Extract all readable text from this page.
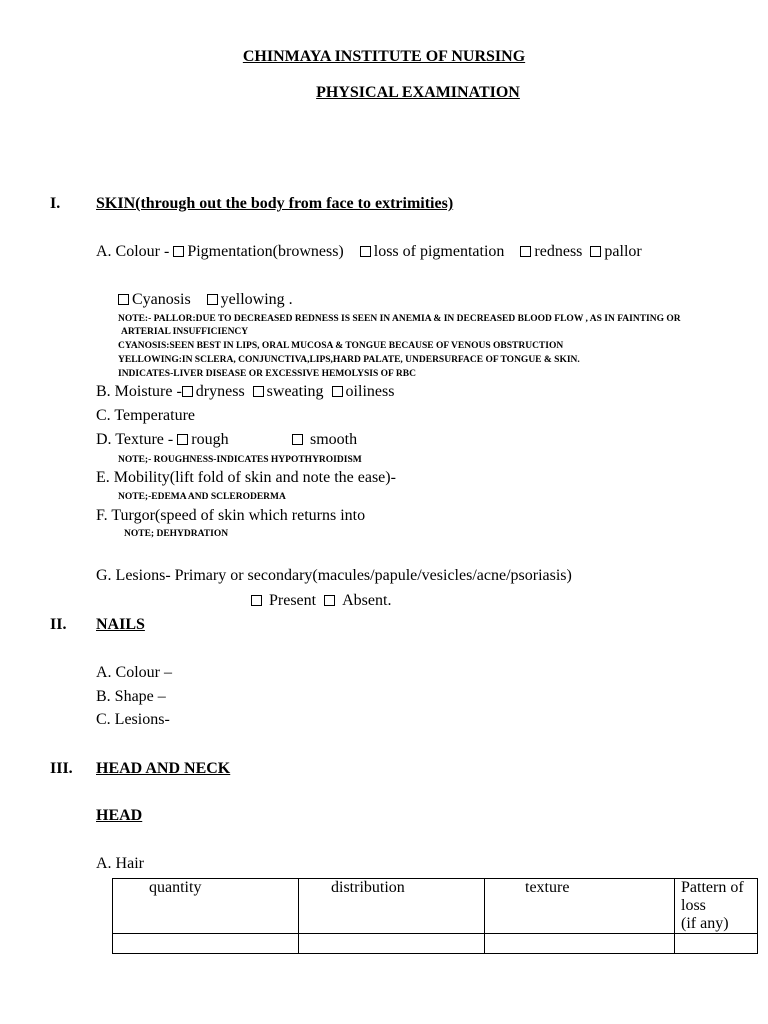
CHINMAYA INSTITUTE OF NURSING
PHYSICAL EXAMINATION
I. SKIN(through out the body from face to extrimities)
A. Colour - Pigmentation(browness) loss of pigmentation redness pallor
Cyanosis yellowing .
NOTE:- PALLOR:DUE TO DECREASED REDNESS IS SEEN IN ANEMIA & IN DECREASED BLOOD FLOW , AS IN FAINTING OR
ARTERIAL INSUFFICIENCY
CYANOSIS:SEEN BEST IN LIPS, ORAL MUCOSA & TONGUE BECAUSE OF VENOUS OBSTRUCTION
YELLOWING:IN SCLERA, CONJUNCTIVA,LIPS,HARD PALATE, UNDERSURFACE OF TONGUE & SKIN.
INDICATES-LIVER DISEASE OR EXCESSIVE HEMOLYSIS OF RBC
B. Moisture - dryness sweating oiliness
C. Temperature
D. Texture - rough	smooth
NOTE;- ROUGHNESS-INDICATES HYPOTHYROIDISM
E. Mobility(lift fold of skin and note the ease)-
NOTE;-EDEMA AND SCLERODERMA
F. Turgor(speed of skin which returns into
NOTE; DEHYDRATION
G. Lesions- Primary or secondary(macules/papule/vesicles/acne/psoriasis)
Present Absent.
II. NAILS
A. Colour –
B. Shape –
C. Lesions-
III. HEAD AND NECK
HEAD
A. Hair
quantity	distribution	texture	Pattern of loss
(if any)
